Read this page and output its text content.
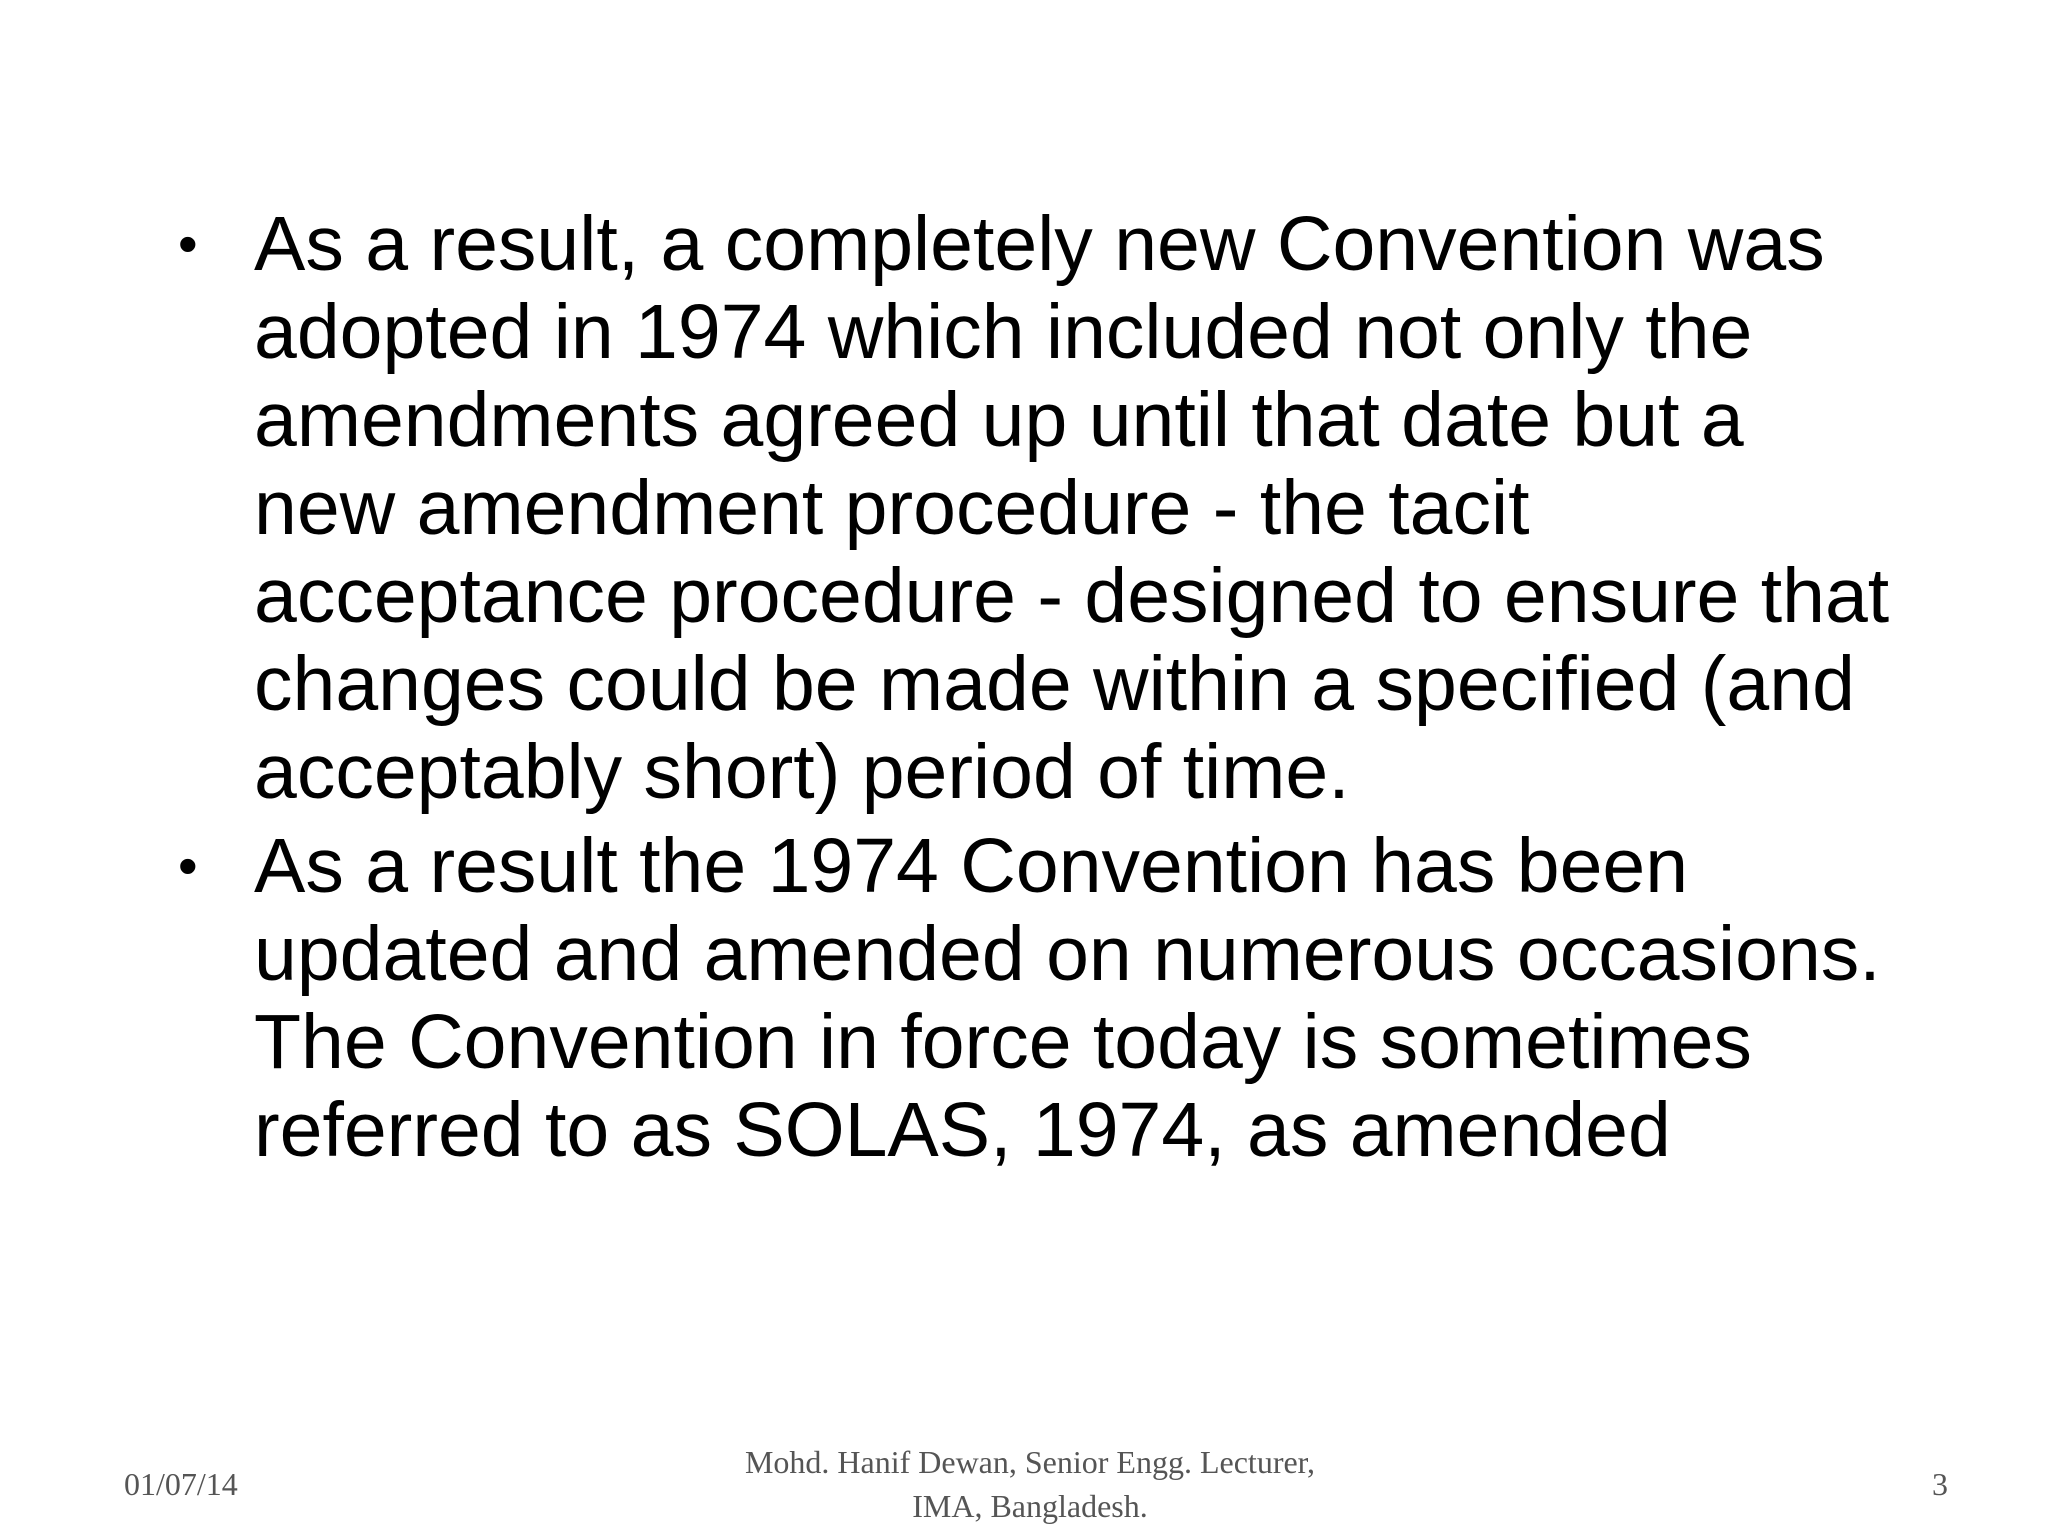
• As a result, a completely new Convention was adopted in 1974 which included not only the amendments agreed up until that date but a new amendment procedure - the tacit acceptance procedure - designed to ensure that changes could be made within a specified (and acceptably short) period of time.
• As a result the 1974 Convention has been updated and amended on numerous occasions. The Convention in force today is sometimes referred to as SOLAS, 1974, as amended
01/07/14
Mohd. Hanif Dewan, Senior Engg. Lecturer,
IMA, Bangladesh.
3
